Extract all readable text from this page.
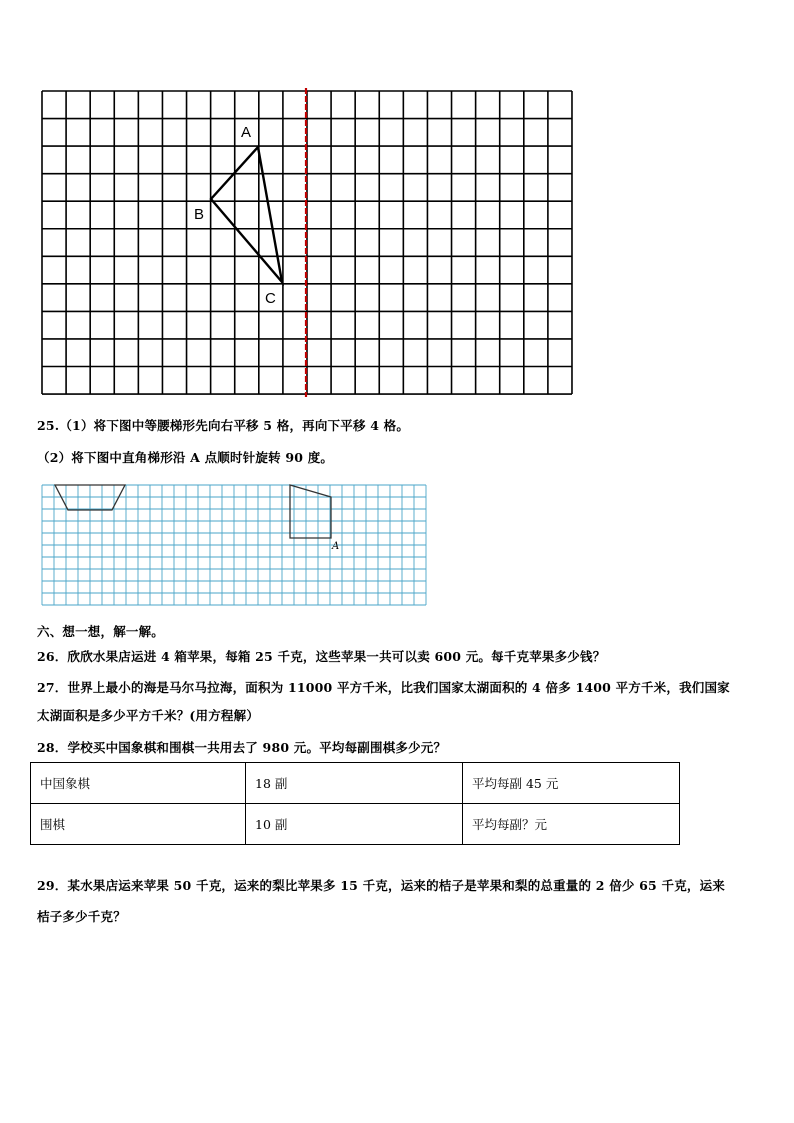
A
B
C
25.（1）将下图中等腰梯形先向右平移 5 格，再向下平移 4 格。
（2）将下图中直角梯形沿 A 点顺时针旋转 90 度。
A
六、想一想，解一解。
26．欣欣水果店运进 4 箱苹果，每箱 25 千克，这些苹果一共可以卖 600 元。每千克苹果多少钱？
27．世界上最小的海是马尔马拉海，面积为 11000 平方千米，比我们国家太湖面积的 4 倍多 1400 平方千米，我们国家
太湖面积是多少平方千米？(用方程解）
28．学校买中国象棋和围棋一共用去了 980 元。平均每副围棋多少元？
中国象棋	18 副	平均每副 45 元
围棋	10 副	平均每副？元
29．某水果店运来苹果 50 千克，运来的梨比苹果多 15 千克，运来的桔子是苹果和梨的总重量的 2 倍少 65 千克，运来
桔子多少千克？
